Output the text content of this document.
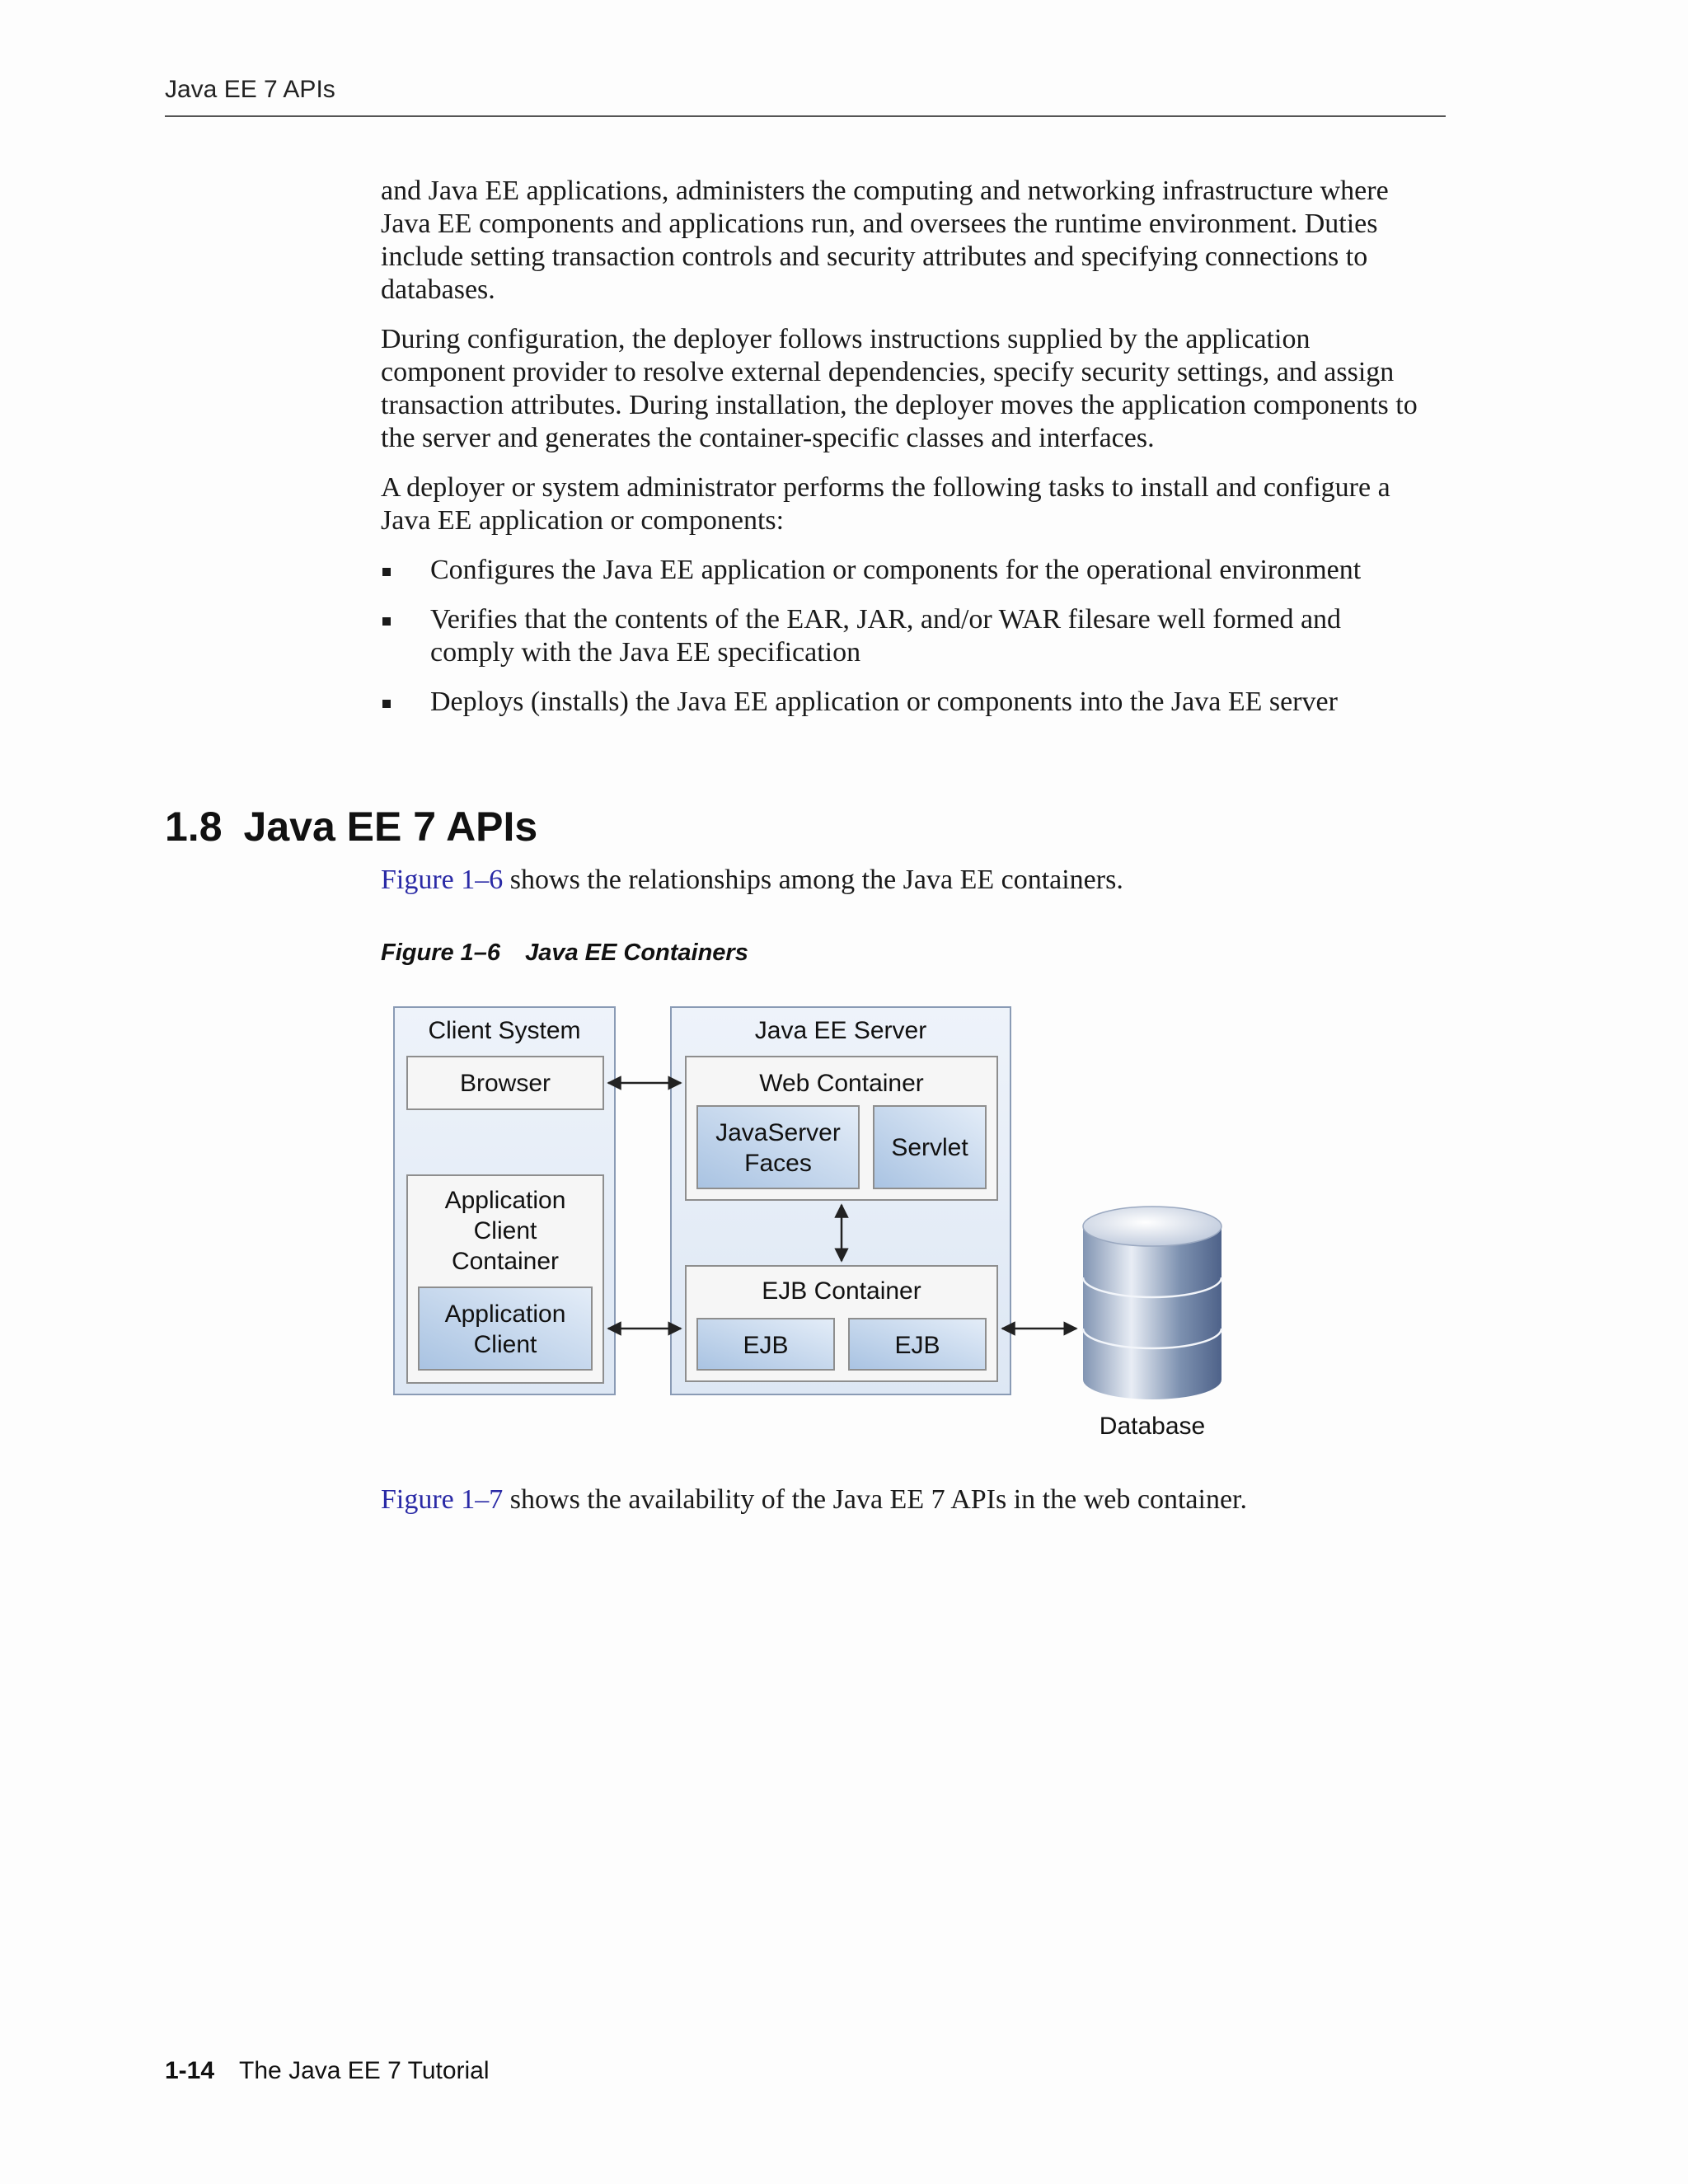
Java EE 7 APIs

and Java EE applications, administers the computing and networking infrastructure where Java EE components and applications run, and oversees the runtime environment. Duties include setting transaction controls and security attributes and specifying connections to databases.

During configuration, the deployer follows instructions supplied by the application component provider to resolve external dependencies, specify security settings, and assign transaction attributes. During installation, the deployer moves the application components to the server and generates the container-specific classes and interfaces.

A deployer or system administrator performs the following tasks to install and configure a Java EE application or components:

Configures the Java EE application or components for the operational environment
Verifies that the contents of the EAR, JAR, and/or WAR filesare well formed and comply with the Java EE specification
Deploys (installs) the Java EE application or components into the Java EE server
1.8 Java EE 7 APIs
Figure 1–6 shows the relationships among the Java EE containers.
Figure 1–6 Java EE Containers
Client System
Browser
Application
Client
Container
Application
Client
Java EE Server
Web Container
JavaServer
Faces
Servlet
EJB Container
EJB	EJB
Database
Figure 1–7 shows the availability of the Java EE 7 APIs in the web container.
1-14 The Java EE 7 Tutorial
